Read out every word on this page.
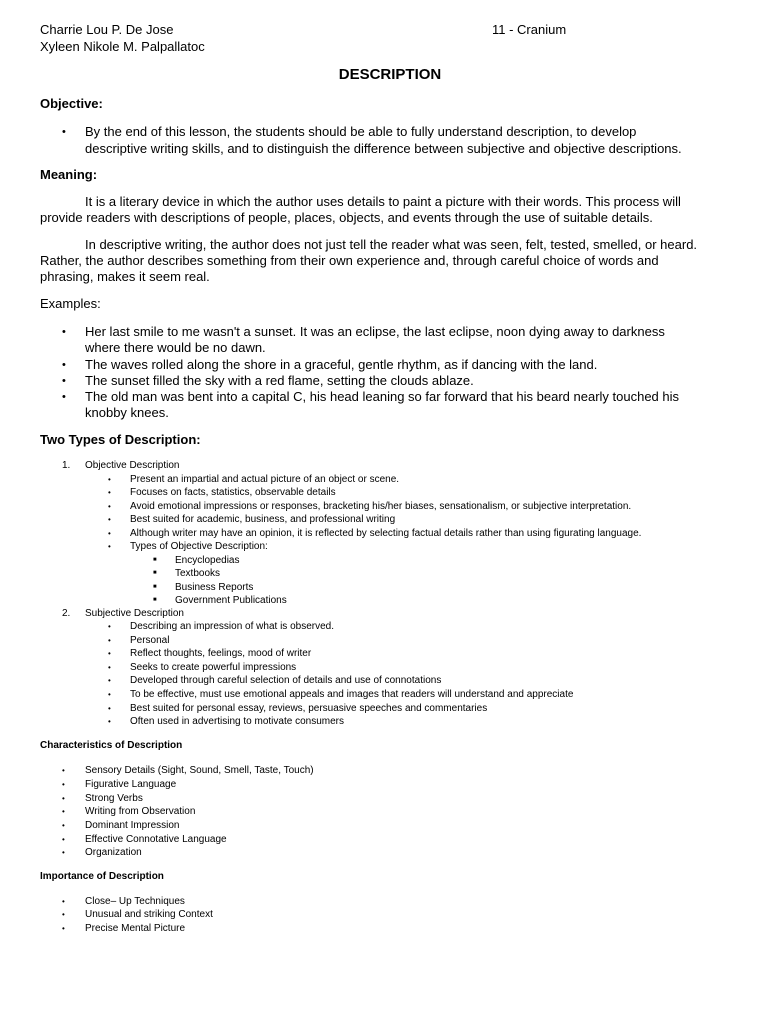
Charrie Lou P. De Jose
Xyleen Nikole M. Palpallatoc
11 - Cranium
DESCRIPTION
Objective:
• By the end of this lesson, the students should be able to fully understand description, to develop
descriptive writing skills, and to distinguish the difference between subjective and objective descriptions.
Meaning:
It is a literary device in which the author uses details to paint a picture with their words. This process will
provide readers with descriptions of people, places, objects, and events through the use of suitable details.
In descriptive writing, the author does not just tell the reader what was seen, felt, tested, smelled, or heard.
Rather, the author describes something from their own experience and, through careful choice of words and
phrasing, makes it seem real.
Examples:
• Her last smile to me wasn't a sunset. It was an eclipse, the last eclipse, noon dying away to darkness
where there would be no dawn.
• The waves rolled along the shore in a graceful, gentle rhythm, as if dancing with the land.
• The sunset filled the sky with a red flame, setting the clouds ablaze.
• The old man was bent into a capital C, his head leaning so far forward that his beard nearly touched his
knobby knees.
Two Types of Description:
1. Objective Description
• Present an impartial and actual picture of an object or scene.
• Focuses on facts, statistics, observable details
• Avoid emotional impressions or responses, bracketing his/her biases, sensationalism, or subjective interpretation.
• Best suited for academic, business, and professional writing
• Although writer may have an opinion, it is reflected by selecting factual details rather than using figurating language.
• Types of Objective Description:
■ Encyclopedias
■ Textbooks
■ Business Reports
■ Government Publications
2. Subjective Description
• Describing an impression of what is observed.
• Personal
• Reflect thoughts, feelings, mood of writer
• Seeks to create powerful impressions
• Developed through careful selection of details and use of connotations
• To be effective, must use emotional appeals and images that readers will understand and appreciate
• Best suited for personal essay, reviews, persuasive speeches and commentaries
• Often used in advertising to motivate consumers
Characteristics of Description
• Sensory Details (Sight, Sound, Smell, Taste, Touch)
• Figurative Language
• Strong Verbs
• Writing from Observation
• Dominant Impression
• Effective Connotative Language
• Organization
Importance of Description
• Close– Up Techniques
• Unusual and striking Context
• Precise Mental Picture
